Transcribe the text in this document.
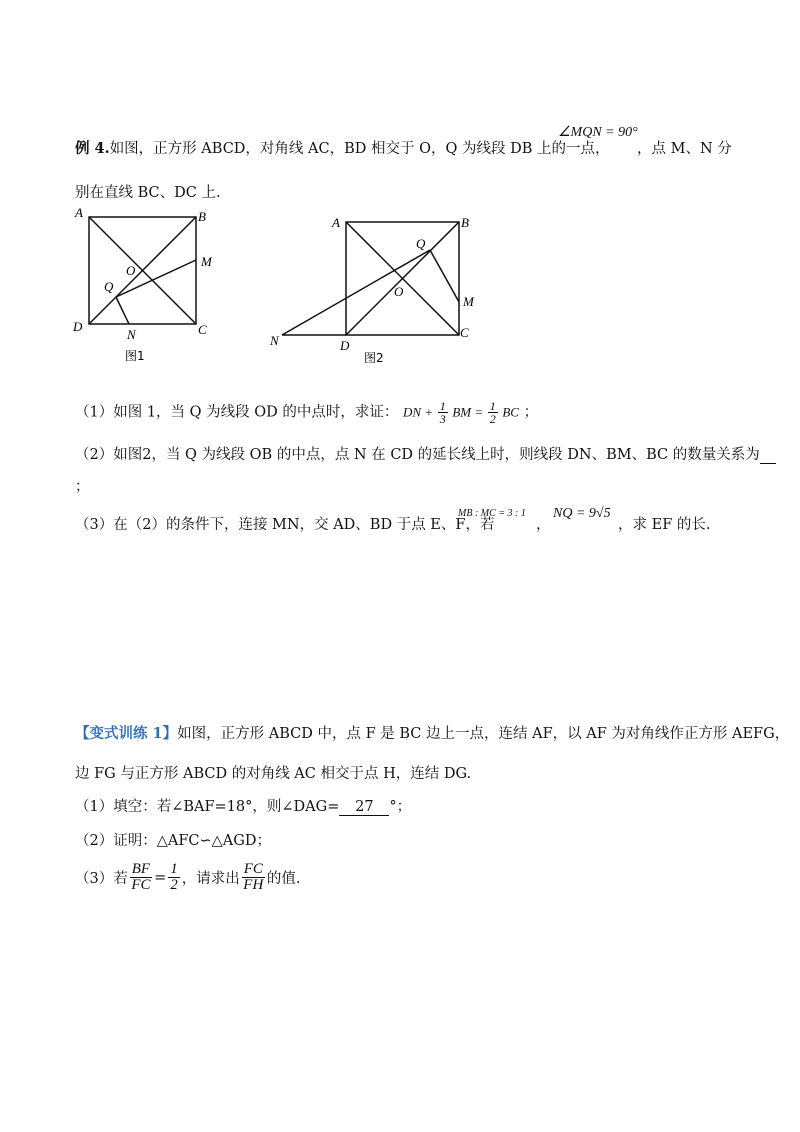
例 4.如图，正方形 ABCD，对角线 AC，BD 相交于 O，Q 为线段 DB 上的一点，
∠MQN = 90°
，点 M、N 分
别在直线 BC、DC 上.
A	B
C
D
O
Q
M
N
图1
A	B
C
D
O
Q
M
N
图2
（1）如图 1，当 Q 为线段 OD 的中点时，求证： DN + $\frac{1}{3}$ BM = $\frac{1}{2}$ BC ；
（2）如图2，当 Q 为线段 OB 的中点，点 N 在 CD 的延长线上时，则线段 DN、BM、BC 的数量关系为
；
（3）在（2）的条件下，连接 MN，交 AD、BD 于点 E、F，若
MB : MC = 3 : 1
，
NQ = 9√5
，求 EF 的长.
【变式训练 1】如图，正方形 ABCD 中，点 F 是 BC 边上一点，连结 AF，以 AF 为对角线作正方形 AEFG，
边 FG 与正方形 ABCD 的对角线 AC 相交于点 H，连结 DG.
（1）填空：若∠BAF=18°，则∠DAG= 27 °；
（2）证明：△AFC∽△AGD；
（3）若 $\frac{BF}{FC} = \frac{1}{2}$ ，请求出 $\frac{FC}{FH}$ 的值.
